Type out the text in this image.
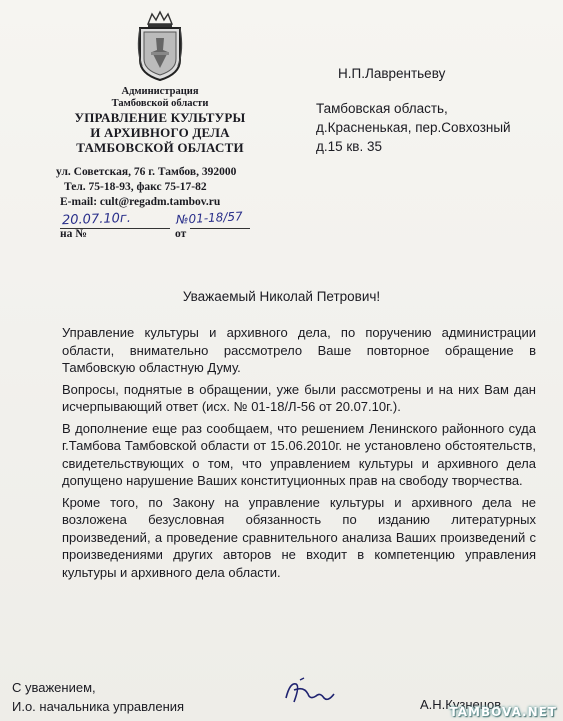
Администрация
Тамбовской области
УПРАВЛЕНИЕ КУЛЬТУРЫ
И АРХИВНОГО ДЕЛА
ТАМБОВСКОЙ ОБЛАСТИ
ул. Советская, 76 г. Тамбов, 392000
Тел. 75-18-93, факс 75-17-82
E-mail: cult@regadm.tambov.ru
20.07.10г.	№01-18/57
на №	от
Н.П.Лаврентьеву
Тамбовская область,
д.Красненькая, пер.Совхозный
д.15 кв. 35
Уважаемый Николай Петрович!

Управление культуры и архивного дела, по поручению администрации области, внимательно рассмотрело Ваше повторное обращение в Тамбовскую областную Думу.

Вопросы, поднятые в обращении, уже были рассмотрены и на них Вам дан исчерпывающий ответ (исх. № 01-18/Л-56 от 20.07.10г.).

В дополнение еще раз сообщаем, что решением Ленинского районного суда г.Тамбова Тамбовской области от 15.06.2010г. не установлено обстоятельств, свидетельствующих о том, что управлением культуры и архивного дела допущено нарушение Ваших конституционных прав на свободу творчества.

Кроме того, по Закону на управление культуры и архивного дела не возложена безусловная обязанность по изданию литературных произведений, а проведение сравнительного анализа Ваших произведений с произведениями других авторов не входит в компетенцию управления культуры и архивного дела области.

С уважением,
И.о. начальника управления	А.Н.Кузнецов
TAMBOVA.NET
